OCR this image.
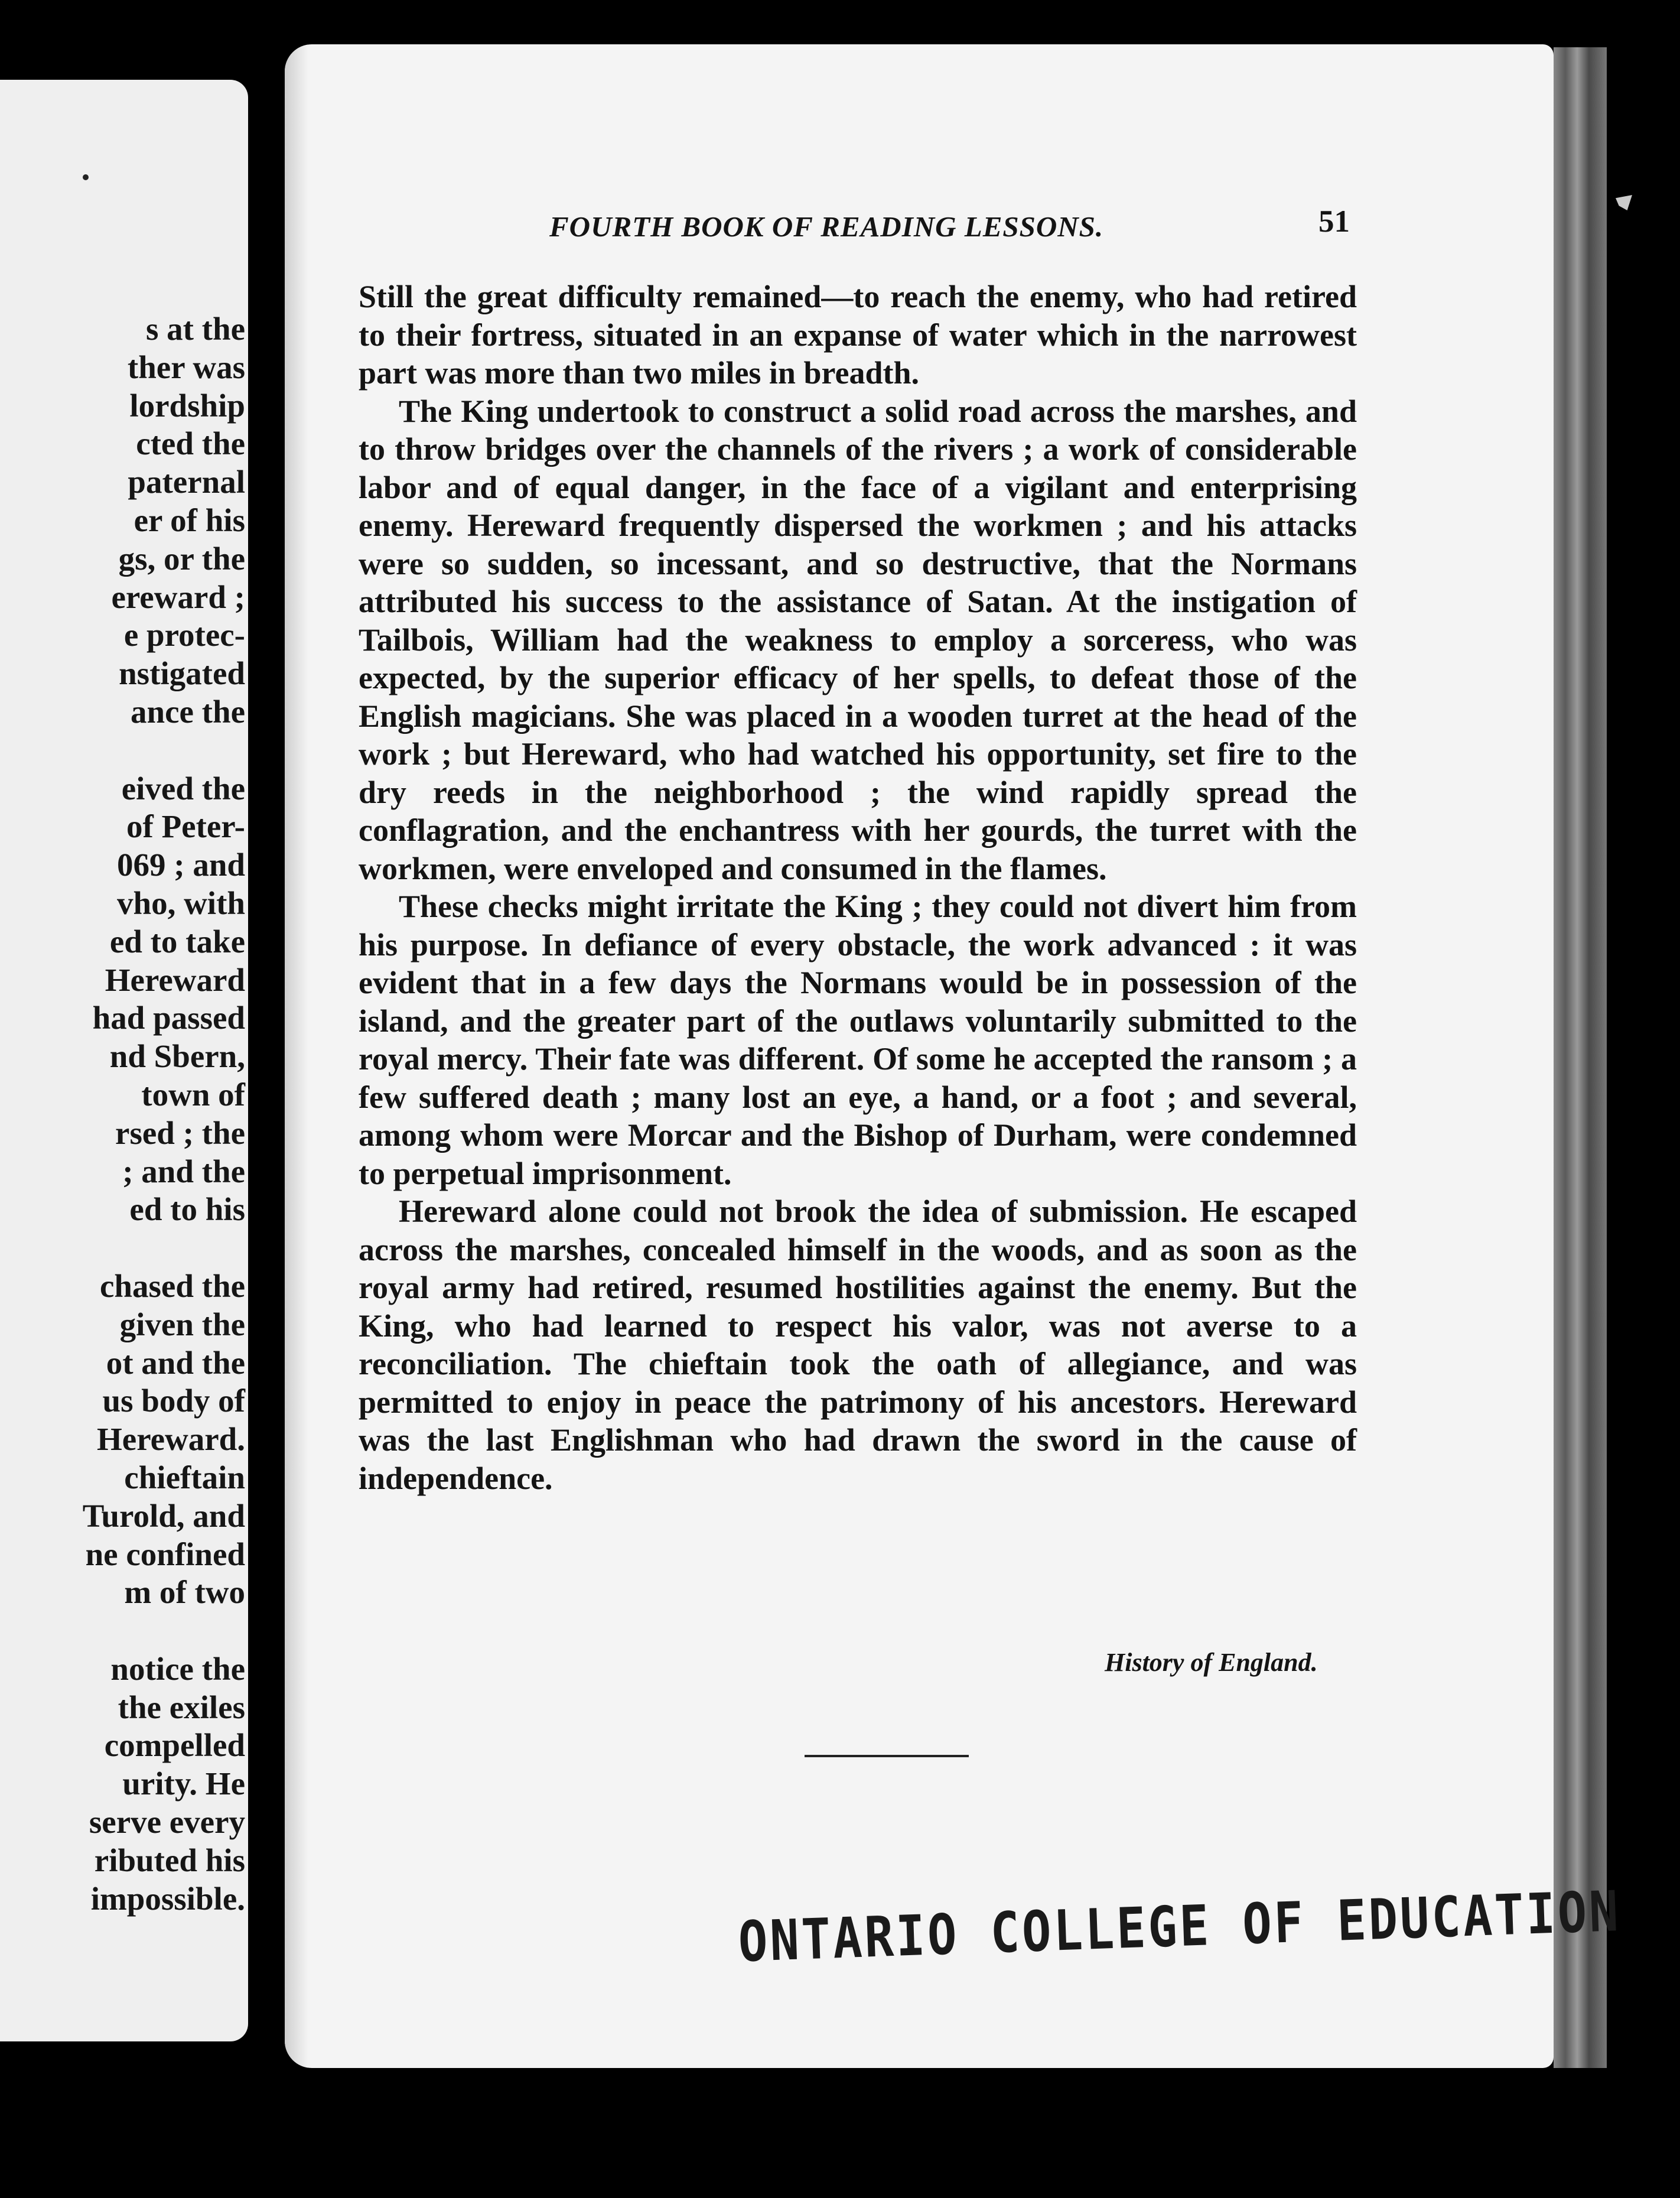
s at the
ther was
lordship
cted the
paternal
er of his
gs, or the
ereward ;
e protec-
nstigated
ance the

eived the
of Peter-
069 ; and
vho, with
ed to take
Hereward
had passed
nd Sbern,
town of
rsed ; the
; and the
ed to his

chased the
given the
ot and the
us body of
Hereward.
chieftain
Turold, and
ne confined
m of two

notice the
the exiles
compelled
urity. He
serve every
ributed his
impossible.
FOURTH BOOK OF READING LESSONS.	51

Still the great difficulty remained—to reach the enemy, who had retired to their fortress, situated in an expanse of water which in the narrowest part was more than two miles in breadth.

The King undertook to construct a solid road across the marshes, and to throw bridges over the channels of the rivers ; a work of considerable labor and of equal danger, in the face of a vigilant and enterprising enemy. Hereward frequently dispersed the workmen ; and his attacks were so sudden, so incessant, and so destructive, that the Normans attributed his success to the assistance of Satan. At the instigation of Tailbois, William had the weakness to employ a sorceress, who was expected, by the superior efficacy of her spells, to defeat those of the English magicians. She was placed in a wooden turret at the head of the work ; but Hereward, who had watched his opportunity, set fire to the dry reeds in the neighborhood ; the wind rapidly spread the conflagration, and the enchantress with her gourds, the turret with the workmen, were enveloped and consumed in the flames.

These checks might irritate the King ; they could not divert him from his purpose. In defiance of every obstacle, the work advanced : it was evident that in a few days the Normans would be in possession of the island, and the greater part of the outlaws voluntarily submitted to the royal mercy. Their fate was different. Of some he accepted the ransom ; a few suffered death ; many lost an eye, a hand, or a foot ; and several, among whom were Morcar and the Bishop of Durham, were condemned to perpetual imprisonment.

Hereward alone could not brook the idea of submission. He escaped across the marshes, concealed himself in the woods, and as soon as the royal army had retired, resumed hostilities against the enemy. But the King, who had learned to respect his valor, was not averse to a reconciliation. The chieftain took the oath of allegiance, and was permitted to enjoy in peace the patrimony of his ancestors. Hereward was the last Englishman who had drawn the sword in the cause of independence.

History of England.
ONTARIO COLLEGE OF EDUCATION
